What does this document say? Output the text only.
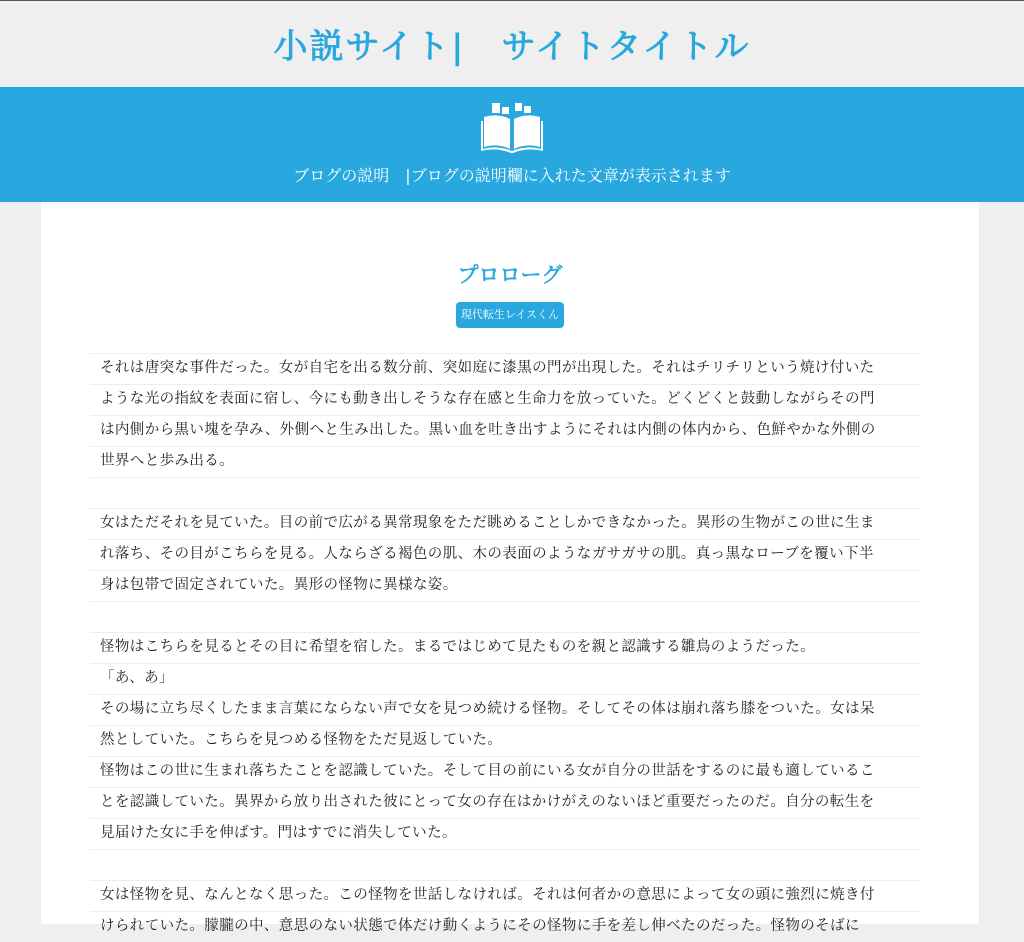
小説サイト|　サイトタイトル
ブログの説明　|ブログの説明欄に入れた文章が表示されます
プロローグ
現代転生レイスくん
それは唐突な事件だった。女が自宅を出る数分前、突如庭に漆黒の門が出現した。それはチリチリという焼け付いた
ような光の指紋を表面に宿し、今にも動き出しそうな存在感と生命力を放っていた。どくどくと鼓動しながらその門
は内側から黒い塊を孕み、外側へと生み出した。黒い血を吐き出すようにそれは内側の体内から、色鮮やかな外側の
世界へと歩み出る。
女はただそれを見ていた。目の前で広がる異常現象をただ眺めることしかできなかった。異形の生物がこの世に生ま
れ落ち、その目がこちらを見る。人ならざる褐色の肌、木の表面のようなガサガサの肌。真っ黒なローブを覆い下半
身は包帯で固定されていた。異形の怪物に異様な姿。
怪物はこちらを見るとその目に希望を宿した。まるではじめて見たものを親と認識する雛鳥のようだった。
「あ、あ」
その場に立ち尽くしたまま言葉にならない声で女を見つめ続ける怪物。そしてその体は崩れ落ち膝をついた。女は呆
然としていた。こちらを見つめる怪物をただ見返していた。
怪物はこの世に生まれ落ちたことを認識していた。そして目の前にいる女が自分の世話をするのに最も適しているこ
とを認識していた。異界から放り出された彼にとって女の存在はかけがえのないほど重要だったのだ。自分の転生を
見届けた女に手を伸ばす。門はすでに消失していた。
女は怪物を見、なんとなく思った。この怪物を世話しなければ。それは何者かの意思によって女の頭に強烈に焼き付
けられていた。朦朧の中、意思のない状態で体だけ動くようにその怪物に手を差し伸べたのだった。怪物のそばに
